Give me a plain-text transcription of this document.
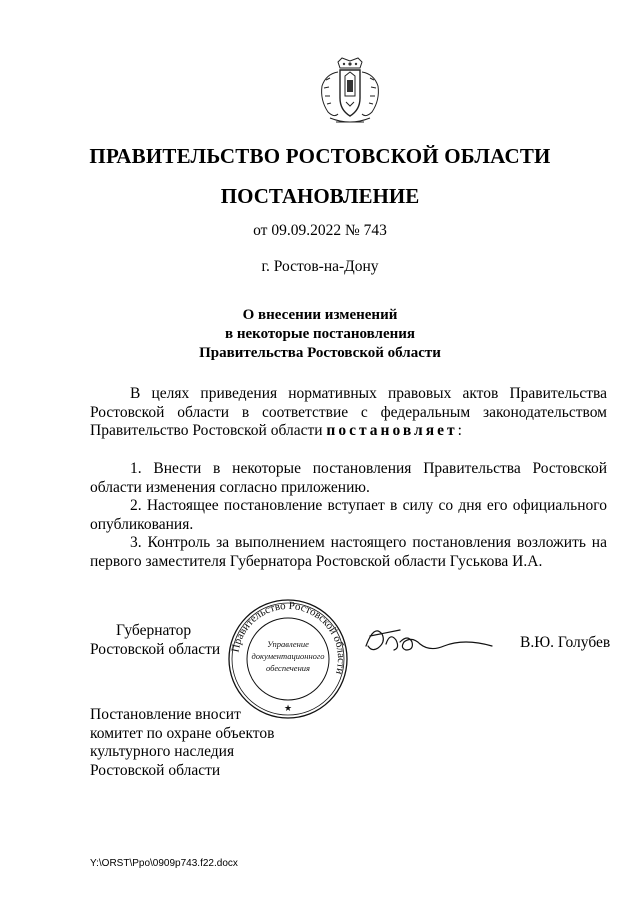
ПРАВИТЕЛЬСТВО РОСТОВСКОЙ ОБЛАСТИ
ПОСТАНОВЛЕНИЕ
от 09.09.2022 № 743
г. Ростов-на-Дону
О внесении изменений
в некоторые постановления
Правительства Ростовской области
В целях приведения нормативных правовых актов Правительства Ростовской области в соответствие с федеральным законодательством Правительство Ростовской области постановляет:
1. Внести в некоторые постановления Правительства Ростовской области изменения согласно приложению.
2. Настоящее постановление вступает в силу со дня его официального опубликования.
3. Контроль за выполнением настоящего постановления возложить на первого заместителя Губернатора Ростовской области Гуськова И.А.
Губернатор
Ростовской области Правительство Ростовской области
Управление
документационного
обеспечения
★
В.Ю. Голубев
Постановление вносит
комитет по охране объектов
культурного наследия
Ростовской области
Y:\ORST\Ppo\0909p743.f22.docx
